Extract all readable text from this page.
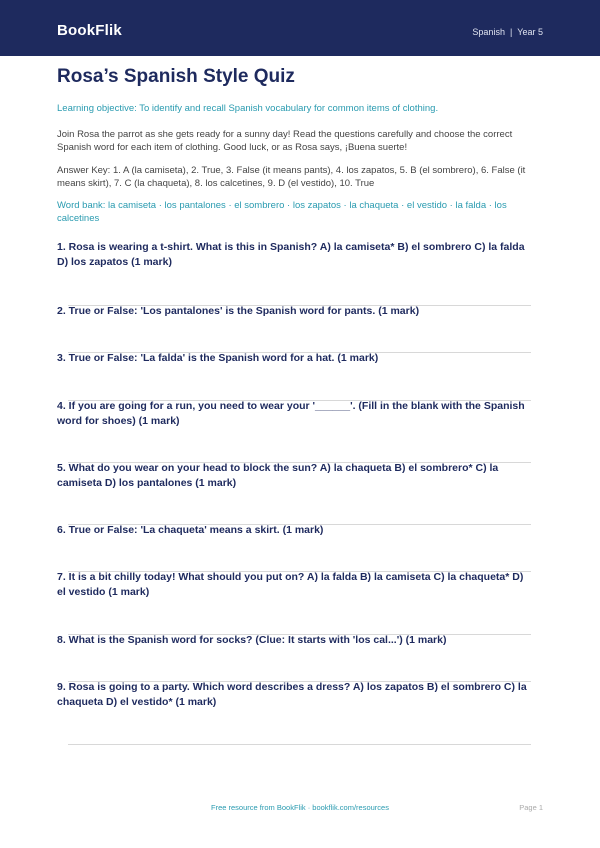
BookFlik	Spanish | Year 5
Rosa’s Spanish Style Quiz
Learning objective: To identify and recall Spanish vocabulary for common items of clothing.
Join Rosa the parrot as she gets ready for a sunny day! Read the questions carefully and choose the correct Spanish word for each item of clothing. Good luck, or as Rosa says, ¡Buena suerte!
Answer Key: 1. A (la camiseta), 2. True, 3. False (it means pants), 4. los zapatos, 5. B (el sombrero), 6. False (it means skirt), 7. C (la chaqueta), 8. los calcetines, 9. D (el vestido), 10. True
Word bank: la camiseta · los pantalones · el sombrero · los zapatos · la chaqueta · el vestido · la falda · los calcetines
1. Rosa is wearing a t-shirt. What is this in Spanish? A) la camiseta* B) el sombrero C) la falda D) los zapatos (1 mark)
2. True or False: 'Los pantalones' is the Spanish word for pants. (1 mark)
3. True or False: 'La falda' is the Spanish word for a hat. (1 mark)
4. If you are going for a run, you need to wear your '______'. (Fill in the blank with the Spanish word for shoes) (1 mark)
5. What do you wear on your head to block the sun? A) la chaqueta B) el sombrero* C) la camiseta D) los pantalones (1 mark)
6. True or False: 'La chaqueta' means a skirt. (1 mark)
7. It is a bit chilly today! What should you put on? A) la falda B) la camiseta C) la chaqueta* D) el vestido (1 mark)
8. What is the Spanish word for socks? (Clue: It starts with 'los cal...') (1 mark)
9. Rosa is going to a party. Which word describes a dress? A) los zapatos B) el sombrero C) la chaqueta D) el vestido* (1 mark)
Free resource from BookFlik · bookflik.com/resources	Page 1
